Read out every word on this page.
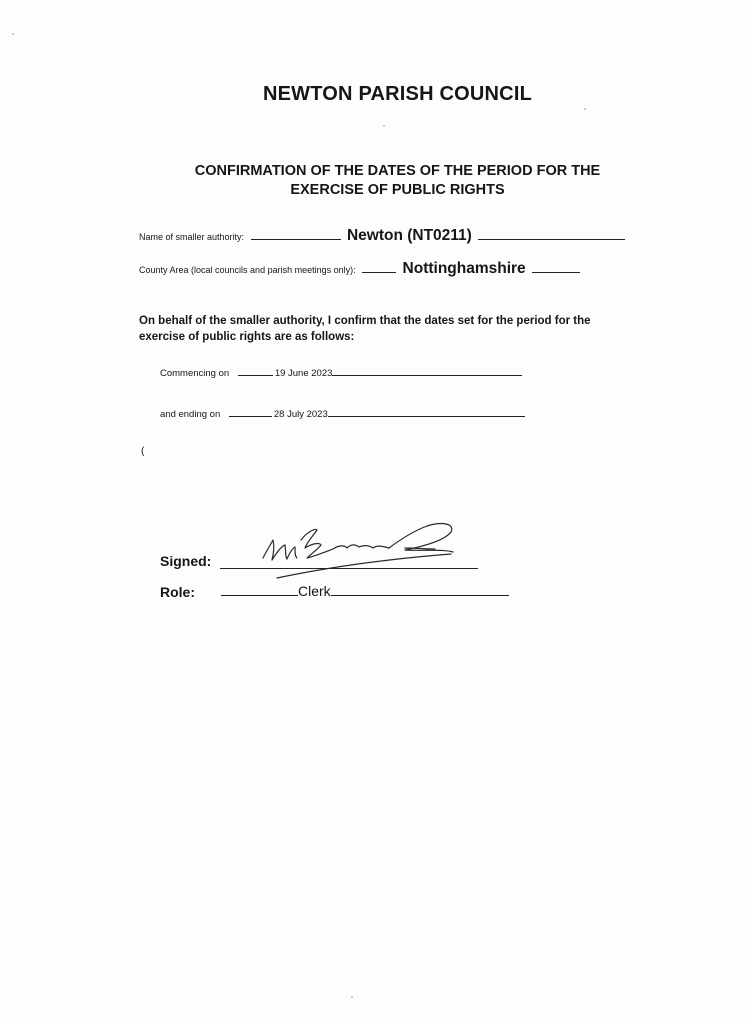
NEWTON PARISH COUNCIL
CONFIRMATION OF THE DATES OF THE PERIOD FOR THE
EXERCISE OF PUBLIC RIGHTS
Name of smaller authority:	Newton (NT0211)
County Area (local councils and parish meetings only):	Nottinghamshire
On behalf of the smaller authority, I confirm that the dates set for the period for the exercise of public rights are as follows:
Commencing on	19 June 2023
and ending on	28 July 2023
(
Signed:
Role:	Clerk
